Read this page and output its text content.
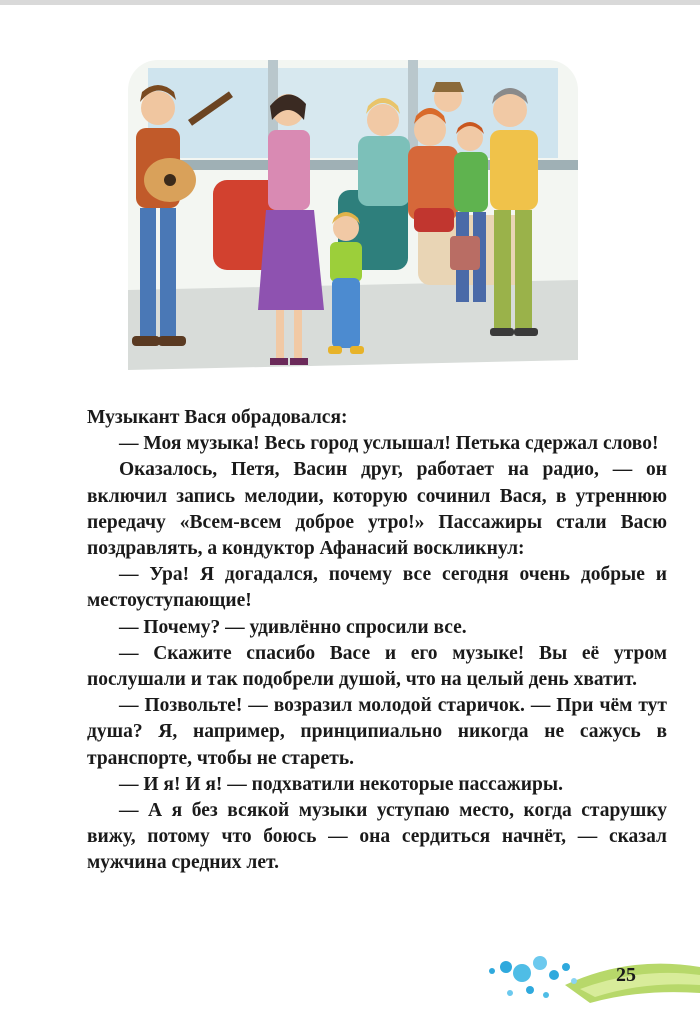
Музыкант Вася обрадовался:

— Моя музыка! Весь город услышал! Петька сдержал слово!

Оказалось, Петя, Васин друг, работает на радио, — он включил запись мелодии, которую сочинил Вася, в утреннюю передачу «Всем-всем доброе утро!» Пассажиры стали Васю поздравлять, а кондуктор Афанасий воскликнул:

— Ура! Я догадался, почему все сегодня очень добрые и местоуступающие!

— Почему? — удивлённо спросили все.

— Скажите спасибо Васе и его музыке! Вы её утром послушали и так подобрели душой, что на целый день хватит.

— Позвольте! — возразил молодой старичок. — При чём тут душа? Я, например, принципиально никогда не сажусь в транспорте, чтобы не стареть.

— И я! И я! — подхватили некоторые пассажиры.

— А я без всякой музыки уступаю место, когда старушку вижу, потому что боюсь — она сердиться начнёт, — сказал мужчина средних лет.

25
